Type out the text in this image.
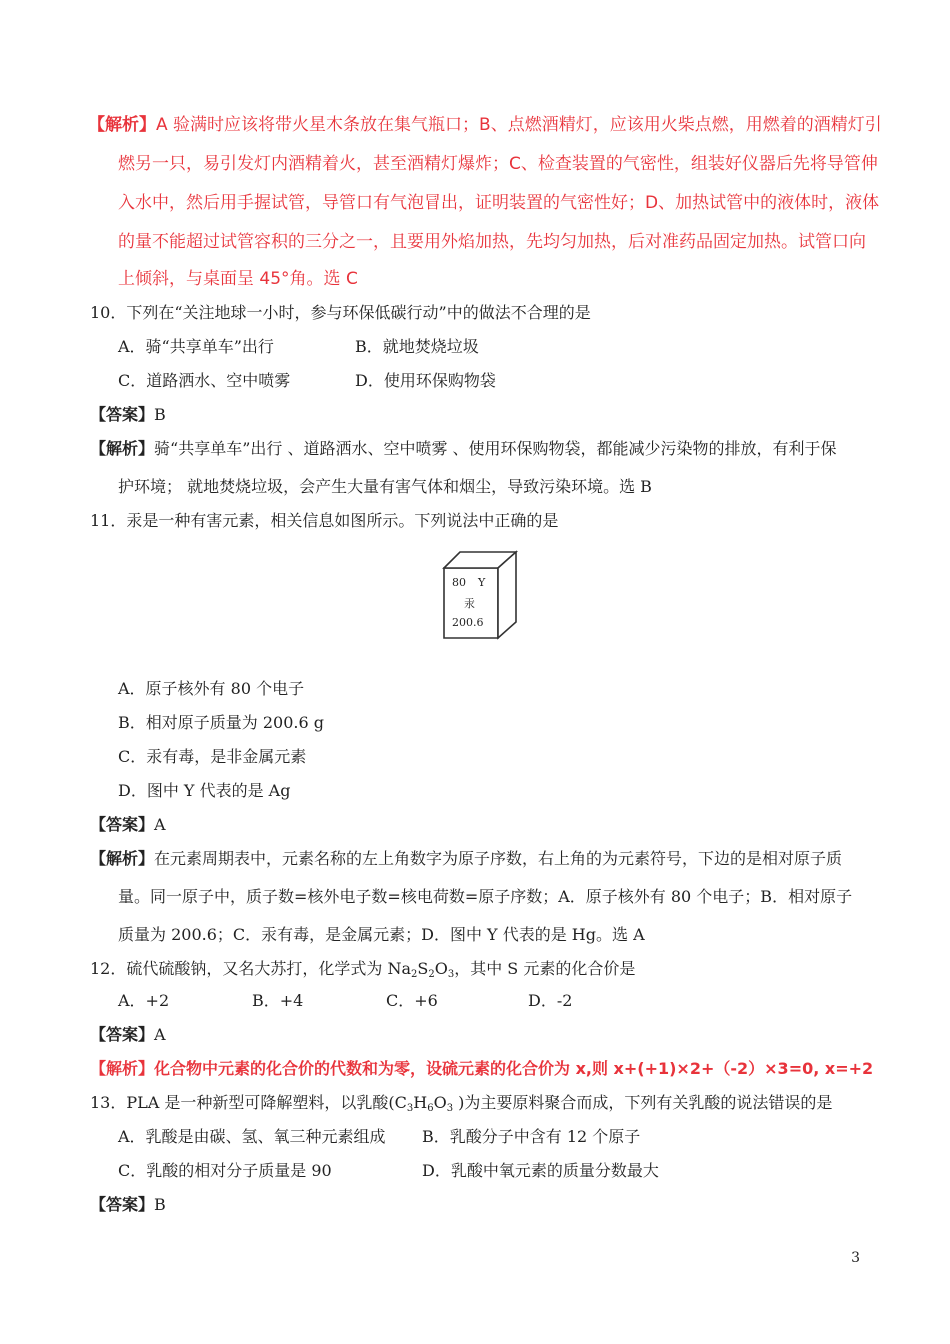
【解析】A 验满时应该将带火星木条放在集气瓶口；B、点燃酒精灯，应该用火柴点燃，用燃着的酒精灯引
燃另一只，易引发灯内酒精着火，甚至酒精灯爆炸；C、检查装置的气密性，组装好仪器后先将导管伸
入水中，然后用手握试管，导管口有气泡冒出，证明装置的气密性好；D、加热试管中的液体时，液体
的量不能超过试管容积的三分之一，且要用外焰加热，先均匀加热，后对准药品固定加热。试管口向
上倾斜，与桌面呈 45°角。选 C
10．下列在“关注地球一小时，参与环保低碳行动”中的做法不合理的是
A．骑“共享单车”出行	B．就地焚烧垃圾
C．道路洒水、空中喷雾	D．使用环保购物袋
【答案】B
【解析】骑“共享单车”出行 、道路洒水、空中喷雾 、使用环保购物袋，都能减少污染物的排放，有利于保
护环境； 就地焚烧垃圾，会产生大量有害气体和烟尘，导致污染环境。选 B
11．汞是一种有害元素，相关信息如图所示。下列说法中正确的是
80 Y
汞
200.6
A．原子核外有 80 个电子
B．相对原子质量为 200.6 g
C．汞有毒，是非金属元素
D．图中 Y 代表的是 Ag
【答案】A
【解析】在元素周期表中，元素名称的左上角数字为原子序数，右上角的为元素符号，下边的是相对原子质
量。同一原子中，质子数=核外电子数=核电荷数=原子序数；A．原子核外有 80 个电子；B．相对原子
质量为 200.6；C．汞有毒，是金属元素；D．图中 Y 代表的是 Hg。选 A
12．硫代硫酸钠，又名大苏打，化学式为 $Na_2S_2O_3$，其中 S 元素的化合价是
A．+2	B．+4	C．+6	D．-2
【答案】A
【解析】化合物中元素的化合价的代数和为零，设硫元素的化合价为 x,则 x+(+1)×2+（-2）×3=0, x=+2
13．PLA 是一种新型可降解塑料，以乳酸($C_3H_6O_3$ )为主要原料聚合而成，下列有关乳酸的说法错误的是
A．乳酸是由碳、氢、氧三种元素组成 B．乳酸分子中含有 12 个原子
C．乳酸的相对分子质量是 90	D．乳酸中氧元素的质量分数最大
【答案】B
3
